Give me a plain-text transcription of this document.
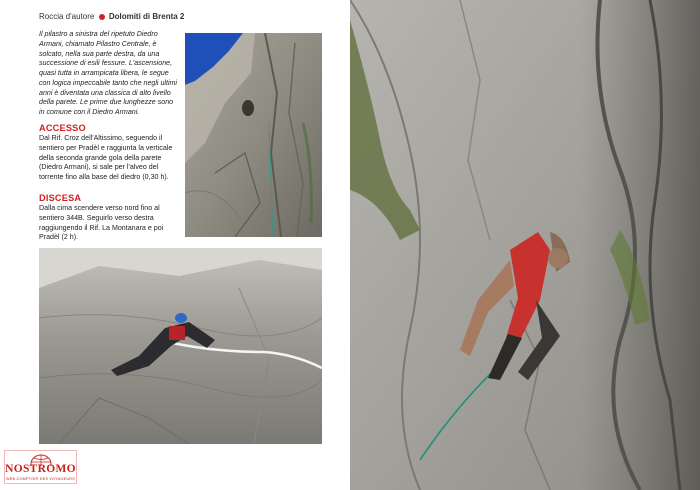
Roccia d'autore Dolomiti di Brenta 2

Il pilastro a sinistra del ripetuto Diedro Armani, chiamato Pilastro Centrale, è solcato, nella sua parte destra, da una successione di esili fessure. L'ascensione, quasi tutta in arrampicata libera, le segue con logica impeccabile tanto che negli ultimi anni è diventata una classica di alto livello della parete. Le prime due lunghezze sono in comune con il Diedro Armani.

ACCESSO

Dal Rif. Croz dell'Altissimo, seguendo il sentiero per Pradèl e raggiunta la verticale della seconda grande gola della parete (Diedro Armani), si sale per l'alveo del torrente fino alla base del diedro (0,30 h).

DISCESA

Dalla cima scendere verso nord fino al sentiero 344B. Seguirlo verso destra raggiungendo il Rif. La Montanara e poi Pradèl (2 h).

NOSTROMO
WEB COMPTOIR DES VOYAGEURS
